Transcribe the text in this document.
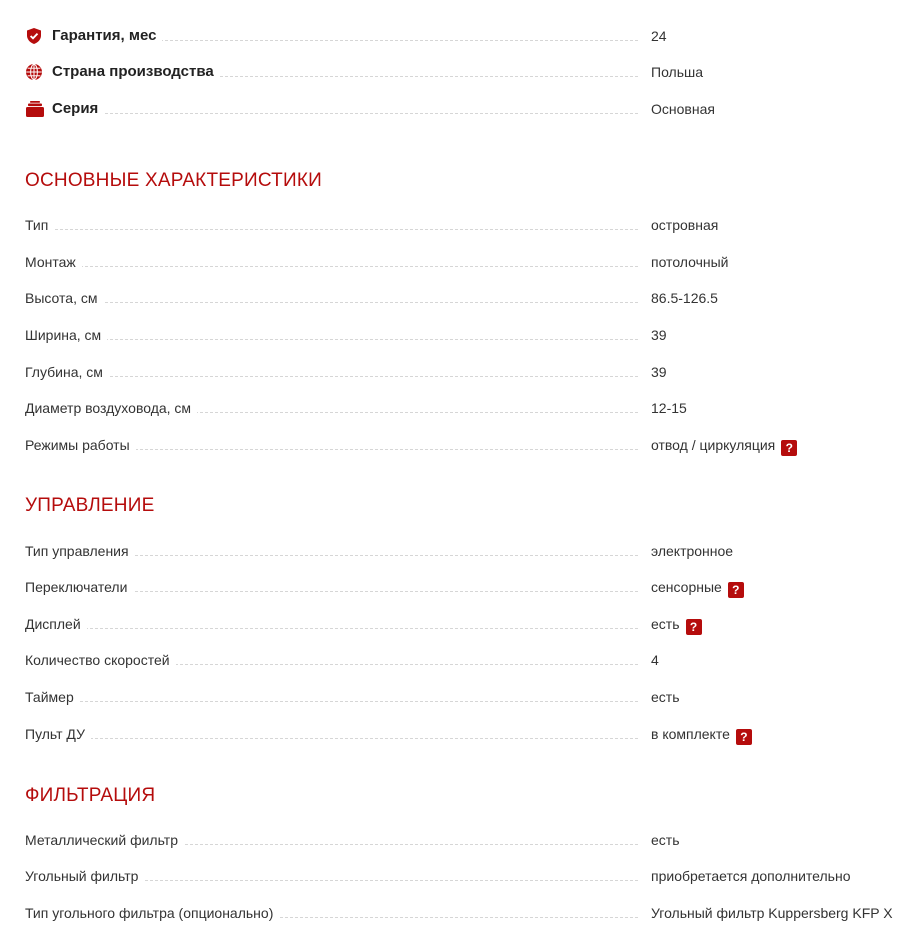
Гарантия, мес	24
Страна производства	Польша
Серия	Основная
ОСНОВНЫЕ ХАРАКТЕРИСТИКИ
Тип	островная
Монтаж	потолочный
Высота, см	86.5-126.5
Ширина, см	39
Глубина, см	39
Диаметр воздуховода, см	12-15
Режимы работы	отвод / циркуляция ?
УПРАВЛЕНИЕ
Тип управления	электронное
Переключатели	сенсорные ?
Дисплей	есть ?
Количество скоростей	4
Таймер	есть
Пульт ДУ	в комплекте ?
ФИЛЬТРАЦИЯ
Металлический фильтр	есть
Угольный фильтр	приобретается дополнительно
Тип угольного фильтра (опционально)	Угольный фильтр Kuppersberg KFP X
